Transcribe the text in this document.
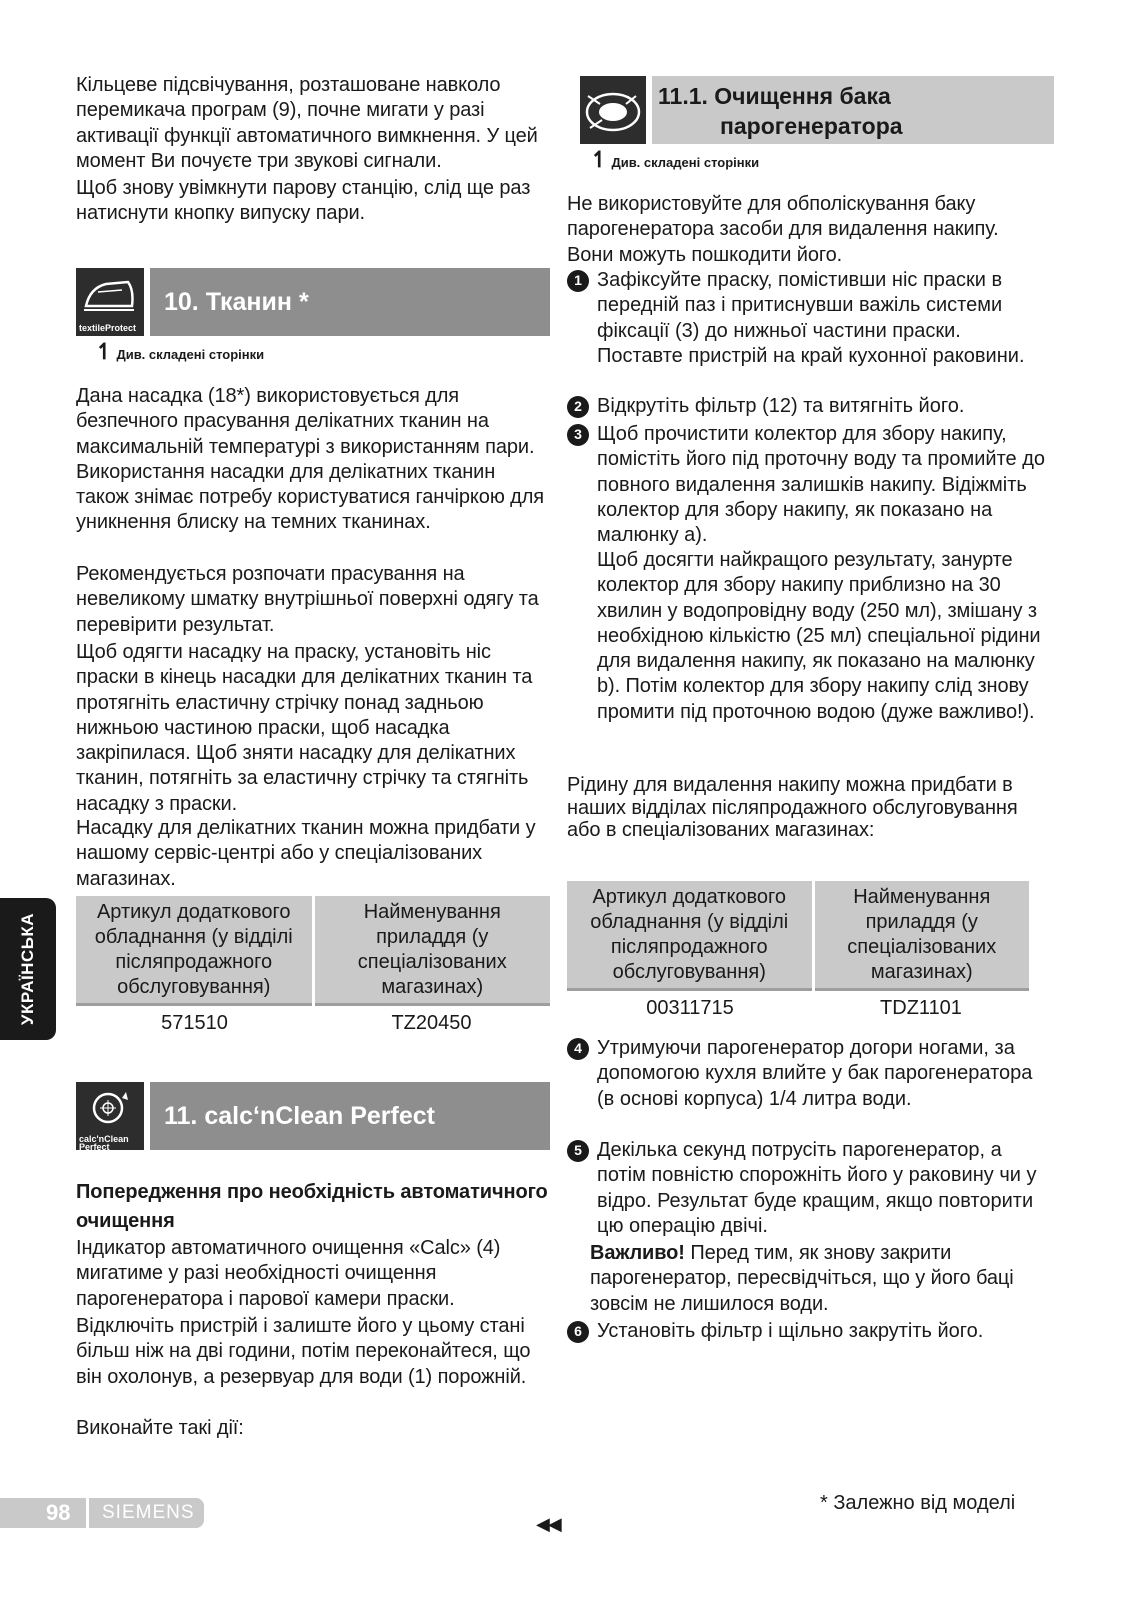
Кільцеве підсвічування, розташоване навколо перемикача програм (9), почне мигати у разі активації функції автоматичного вимкнення. У цей момент Ви почуєте три звукові сигнали.
Щоб знову увімкнути парову станцію, слід ще раз натиснути кнопку випуску пари.
textileProtect
10. Тканин *
↿ Див. складені сторінки
Дана насадка (18*) використовується для безпечного прасування делікатних тканин на максимальній температурі з використанням пари. Використання насадки для делікатних тканин також знімає потребу користуватися ганчіркою для уникнення блиску на темних тканинах.
Рекомендується розпочати прасування на невеликому шматку внутрішньої поверхні одягу та перевірити результат.
Щоб одягти насадку на праску, установіть ніс праски в кінець насадки для делікатних тканин та протягніть еластичну стрічку понад задньою нижньою частиною праски, щоб насадка закріпилася. Щоб зняти насадку для делікатних тканин, потягніть за еластичну стрічку та стягніть насадку з праски.
Насадку для делікатних тканин можна придбати у нашому сервіс-центрі або у спеціалізованих магазинах.
Артикул додаткового обладнання (у відділі післяпродажного обслуговування)	Найменування приладдя (у спеціалізованих магазинах)
571510	TZ20450
calc'nClean
Perfect
11. calc‘nClean Perfect
Попередження про необхідність автоматичного очищення
Індикатор автоматичного очищення «Calc» (4) мигатиме у разі необхідності очищення парогенератора і парової камери праски.
Відключіть пристрій і залиште його у цьому стані більш ніж на дві години, потім переконайтеся, що він охолонув, а резервуар для води (1) порожній.
Виконайте такі дії:
11.1. Очищення бака
парогенератора
↿ Див. складені сторінки
Не використовуйте для обполіскування баку парогенератора засоби для видалення накипу. Вони можуть пошкодити його.
1 Зафіксуйте праску, помістивши ніс праски в передній паз і притиснувши важіль системи фіксації (3) до нижньої частини праски. Поставте пристрій на край кухонної раковини.
2 Відкрутіть фільтр (12) та витягніть його.
3 Щоб прочистити колектор для збору накипу, помістіть його під проточну воду та промийте до повного видалення залишків накипу. Відіжміть колектор для збору накипу, як показано на малюнку a).
Щоб досягти найкращого результату, занурте колектор для збору накипу приблизно на 30 хвилин у водопровідну воду (250 мл), змішану з необхідною кількістю (25 мл) спеціальної рідини для видалення накипу, як показано на малюнку b). Потім колектор для збору накипу слід знову промити під проточною водою (дуже важливо!).
Рідину для видалення накипу можна придбати в наших відділах післяпродажного обслуговування або в спеціалізованих магазинах:
Артикул додаткового обладнання (у відділі післяпродажного обслуговування)	Найменування приладдя (у спеціалізованих магазинах)
00311715	TDZ1101
4 Утримуючи парогенератор догори ногами, за допомогою кухля влийте у бак парогенератора (в основі корпуса) 1/4 литра води.
5 Декілька секунд потрусіть парогенератор, а потім повністю спорожніть його у раковину чи у відро. Результат буде кращим, якщо повторити цю операцію двічі.
Важливо! Перед тим, як знову закрити парогенератор, пересвідчіться, що у його баці зовсім не лишилося води.
6 Установіть фільтр і щільно закрутіть його.
УКРАЇНСЬКА
98 SIEMENS
◀◀
* Залежно від моделі
